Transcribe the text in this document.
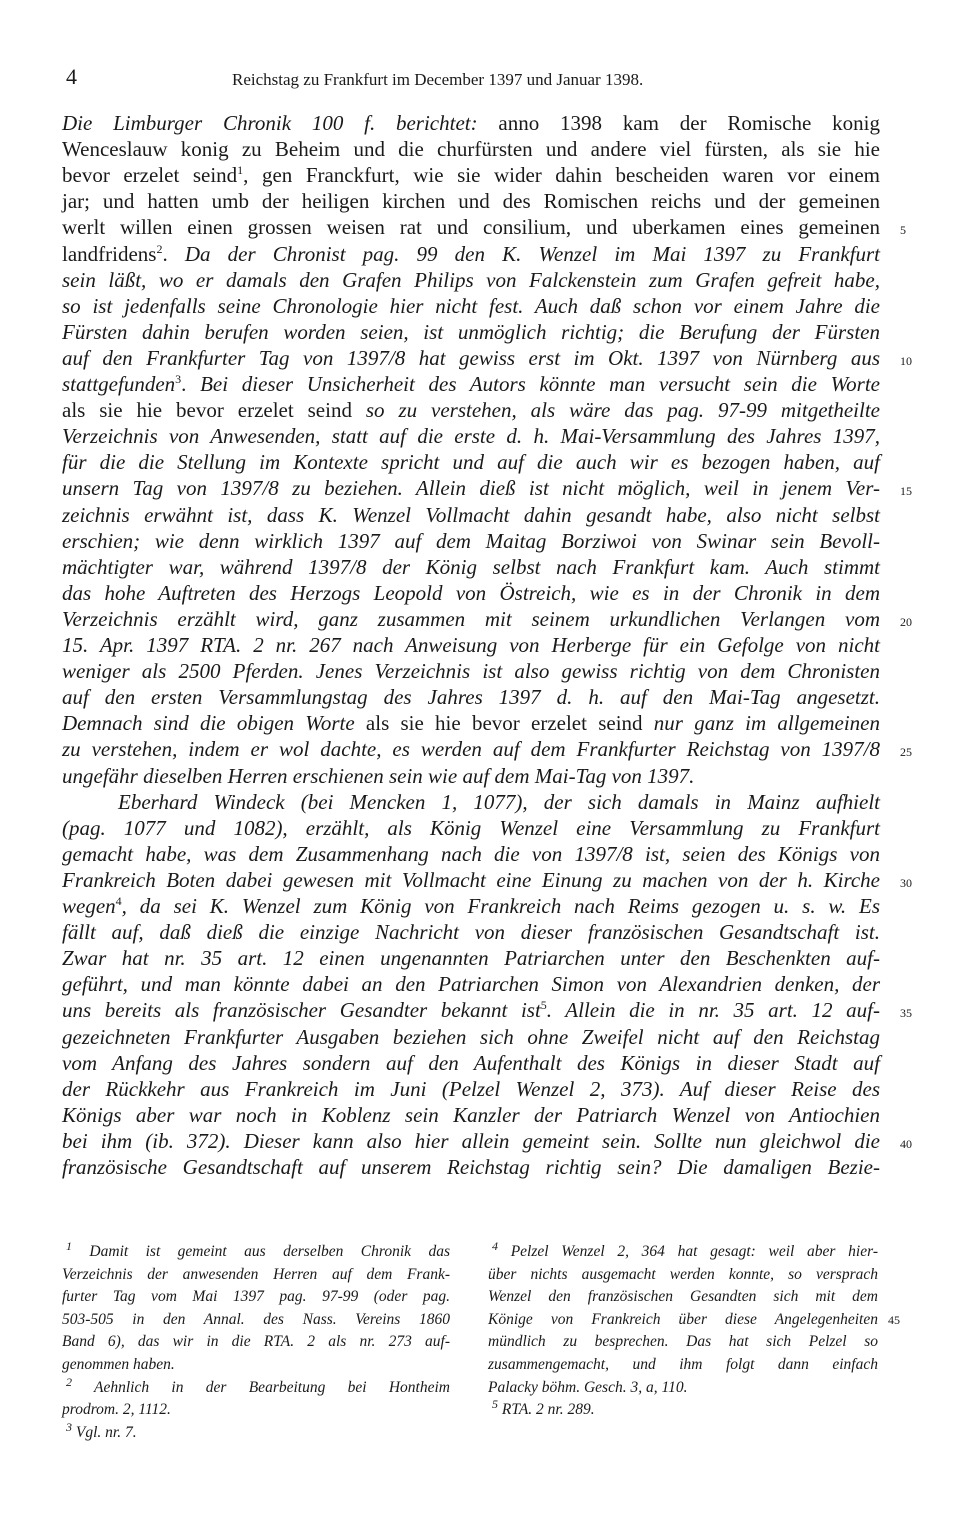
4	Reichstag zu Frankfurt im December 1397 und Januar 1398.
Die Limburger Chronik 100 f. berichtet: anno 1398 kam der Romische konig
Wenceslauw konig zu Beheim und die churfürsten und andere viel fürsten, als sie hie
bevor erzelet seind$^1$, gen Franckfurt, wie sie wider dahin bescheiden waren vor einem
jar; und hatten umb der heiligen kirchen und des Romischen reichs und der gemeinen
werlt willen einen grossen weisen rat und consilium, und uberkamen eines gemeinen
landfridens$^2$. Da der Chronist pag. 99 den K. Wenzel im Mai 1397 zu Frankfurt
sein läßt, wo er damals den Grafen Philips von Falckenstein zum Grafen gefreit habe,
so ist jedenfalls seine Chronologie hier nicht fest. Auch daß schon vor einem Jahre die
Fürsten dahin berufen worden seien, ist unmöglich richtig; die Berufung der Fürsten
auf den Frankfurter Tag von 1397/8 hat gewiss erst im Okt. 1397 von Nürnberg aus
stattgefunden$^3$. Bei dieser Unsicherheit des Autors könnte man versucht sein die Worte
als sie hie bevor erzelet seind so zu verstehen, als wäre das pag. 97-99 mitgetheilte
Verzeichnis von Anwesenden, statt auf die erste d. h. Mai-Versammlung des Jahres 1397,
für die die Stellung im Kontexte spricht und auf die auch wir es bezogen haben, auf
unsern Tag von 1397/8 zu beziehen. Allein dieß ist nicht möglich, weil in jenem Ver-
zeichnis erwähnt ist, dass K. Wenzel Vollmacht dahin gesandt habe, also nicht selbst
erschien; wie denn wirklich 1397 auf dem Maitag Borziwoi von Swinar sein Bevoll-
mächtigter war, während 1397/8 der König selbst nach Frankfurt kam. Auch stimmt
das hohe Auftreten des Herzogs Leopold von Östreich, wie es in der Chronik in dem
Verzeichnis erzählt wird, ganz zusammen mit seinem urkundlichen Verlangen vom
15. Apr. 1397 RTA. 2 nr. 267 nach Anweisung von Herberge für ein Gefolge von nicht
weniger als 2500 Pferden. Jenes Verzeichnis ist also gewiss richtig von dem Chronisten
auf den ersten Versammlungstag des Jahres 1397 d. h. auf den Mai-Tag angesetzt.
Demnach sind die obigen Worte als sie hie bevor erzelet seind nur ganz im allgemeinen
zu verstehen, indem er wol dachte, es werden auf dem Frankfurter Reichstag von 1397/8
ungefähr dieselben Herren erschienen sein wie auf dem Mai-Tag von 1397.
Eberhard Windeck (bei Mencken 1, 1077), der sich damals in Mainz aufhielt
(pag. 1077 und 1082), erzählt, als König Wenzel eine Versammlung zu Frankfurt
gemacht habe, was dem Zusammenhang nach die von 1397/8 ist, seien des Königs von
Frankreich Boten dabei gewesen mit Vollmacht eine Einung zu machen von der h. Kirche
wegen$^4$, da sei K. Wenzel zum König von Frankreich nach Reims gezogen u. s. w. Es
fällt auf, daß dieß die einzige Nachricht von dieser französischen Gesandtschaft ist.
Zwar hat nr. 35 art. 12 einen ungenannten Patriarchen unter den Beschenkten auf-
geführt, und man könnte dabei an den Patriarchen Simon von Alexandrien denken, der
uns bereits als französischer Gesandter bekannt ist$^5$. Allein die in nr. 35 art. 12 auf-
gezeichneten Frankfurter Ausgaben beziehen sich ohne Zweifel nicht auf den Reichstag
vom Anfang des Jahres sondern auf den Aufenthalt des Königs in dieser Stadt auf
der Rückkehr aus Frankreich im Juni (Pelzel Wenzel 2, 373). Auf dieser Reise des
Königs aber war noch in Koblenz sein Kanzler der Patriarch Wenzel von Antiochien
bei ihm (ib. 372). Dieser kann also hier allein gemeint sein. Sollte nun gleichwol die
französische Gesandtschaft auf unserem Reichstag richtig sein? Die damaligen Bezie-
5
10
15
20
25
30
35
40
$^1$ Damit ist gemeint aus derselben Chronik das
Verzeichnis der anwesenden Herren auf dem Frank-
furter Tag vom Mai 1397 pag. 97-99 (oder pag.
503-505 in den Annal. des Nass. Vereins 1860
Band 6), das wir in die RTA. 2 als nr. 273 auf-
genommen haben.
$^2$ Aehnlich in der Bearbeitung bei Hontheim
prodrom. 2, 1112.
$^3$ Vgl. nr. 7.
$^4$ Pelzel Wenzel 2, 364 hat gesagt: weil aber hier-
über nichts ausgemacht werden konnte, so versprach
Wenzel den französischen Gesandten sich mit dem
Könige von Frankreich über diese Angelegenheiten
mündlich zu besprechen. Das hat sich Pelzel so
zusammengemacht, und ihm folgt dann einfach
Palacky böhm. Gesch. 3, a, 110.
$^5$ RTA. 2 nr. 289.
45
